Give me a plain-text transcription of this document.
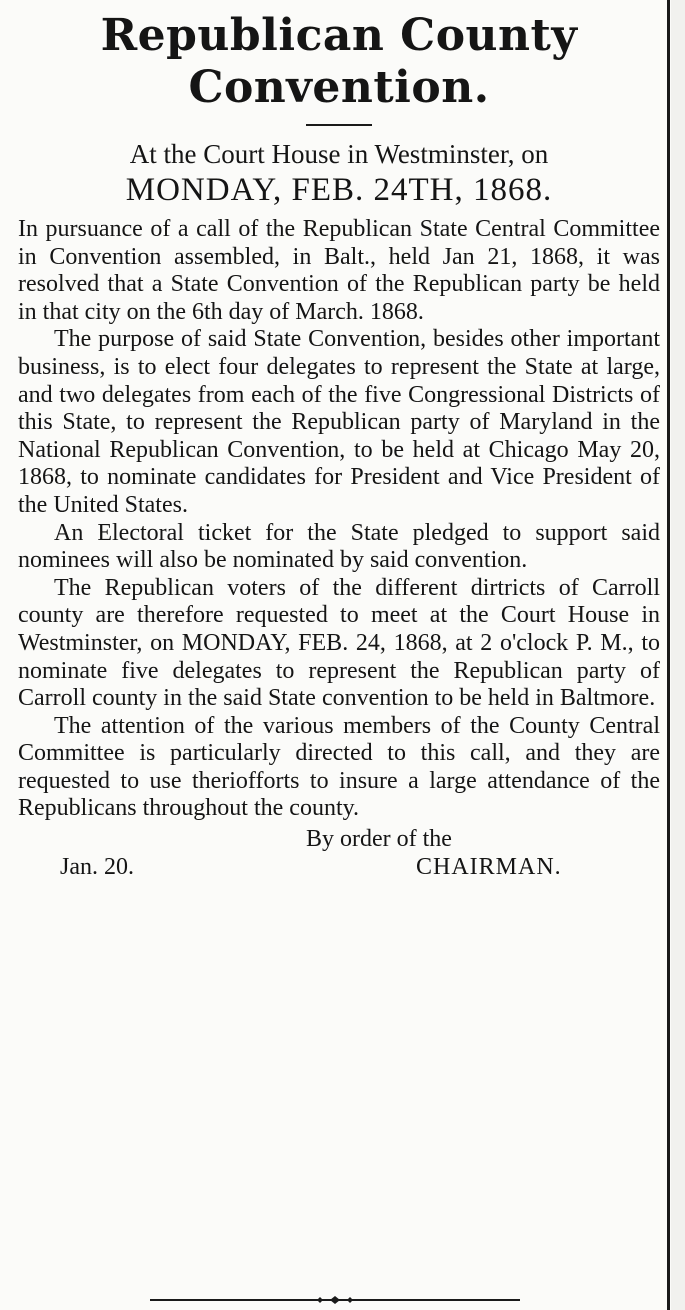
Republican County Convention.

At the Court House in Westminster, on

MONDAY, FEB. 24TH, 1868.

In pursuance of a call of the Republican State Central Committee in Convention assembled, in Balt., held Jan 21, 1868, it was resolved that a State Convention of the Republican party be held in that city on the 6th day of March. 1868.

The purpose of said State Convention, besides other important business, is to elect four delegates to represent the State at large, and two delegates from each of the five Congressional Districts of this State, to represent the Republican party of Maryland in the National Republican Convention, to be held at Chicago May 20, 1868, to nominate candidates for President and Vice President of the United States.

An Electoral ticket for the State pledged to support said nominees will also be nominated by said convention.

The Republican voters of the different dirtricts of Carroll county are therefore requested to meet at the Court House in Westminster, on MONDAY, FEB. 24, 1868, at 2 o'clock P. M., to nominate five delegates to represent the Republican party of Carroll county in the said State convention to be held in Baltmore.

The attention of the various members of the County Central Committee is particularly directed to this call, and they are requested to use theriofforts to insure a large attendance of the Republicans throughout the county.

By order of the
Jan. 20.	CHAIRMAN.
